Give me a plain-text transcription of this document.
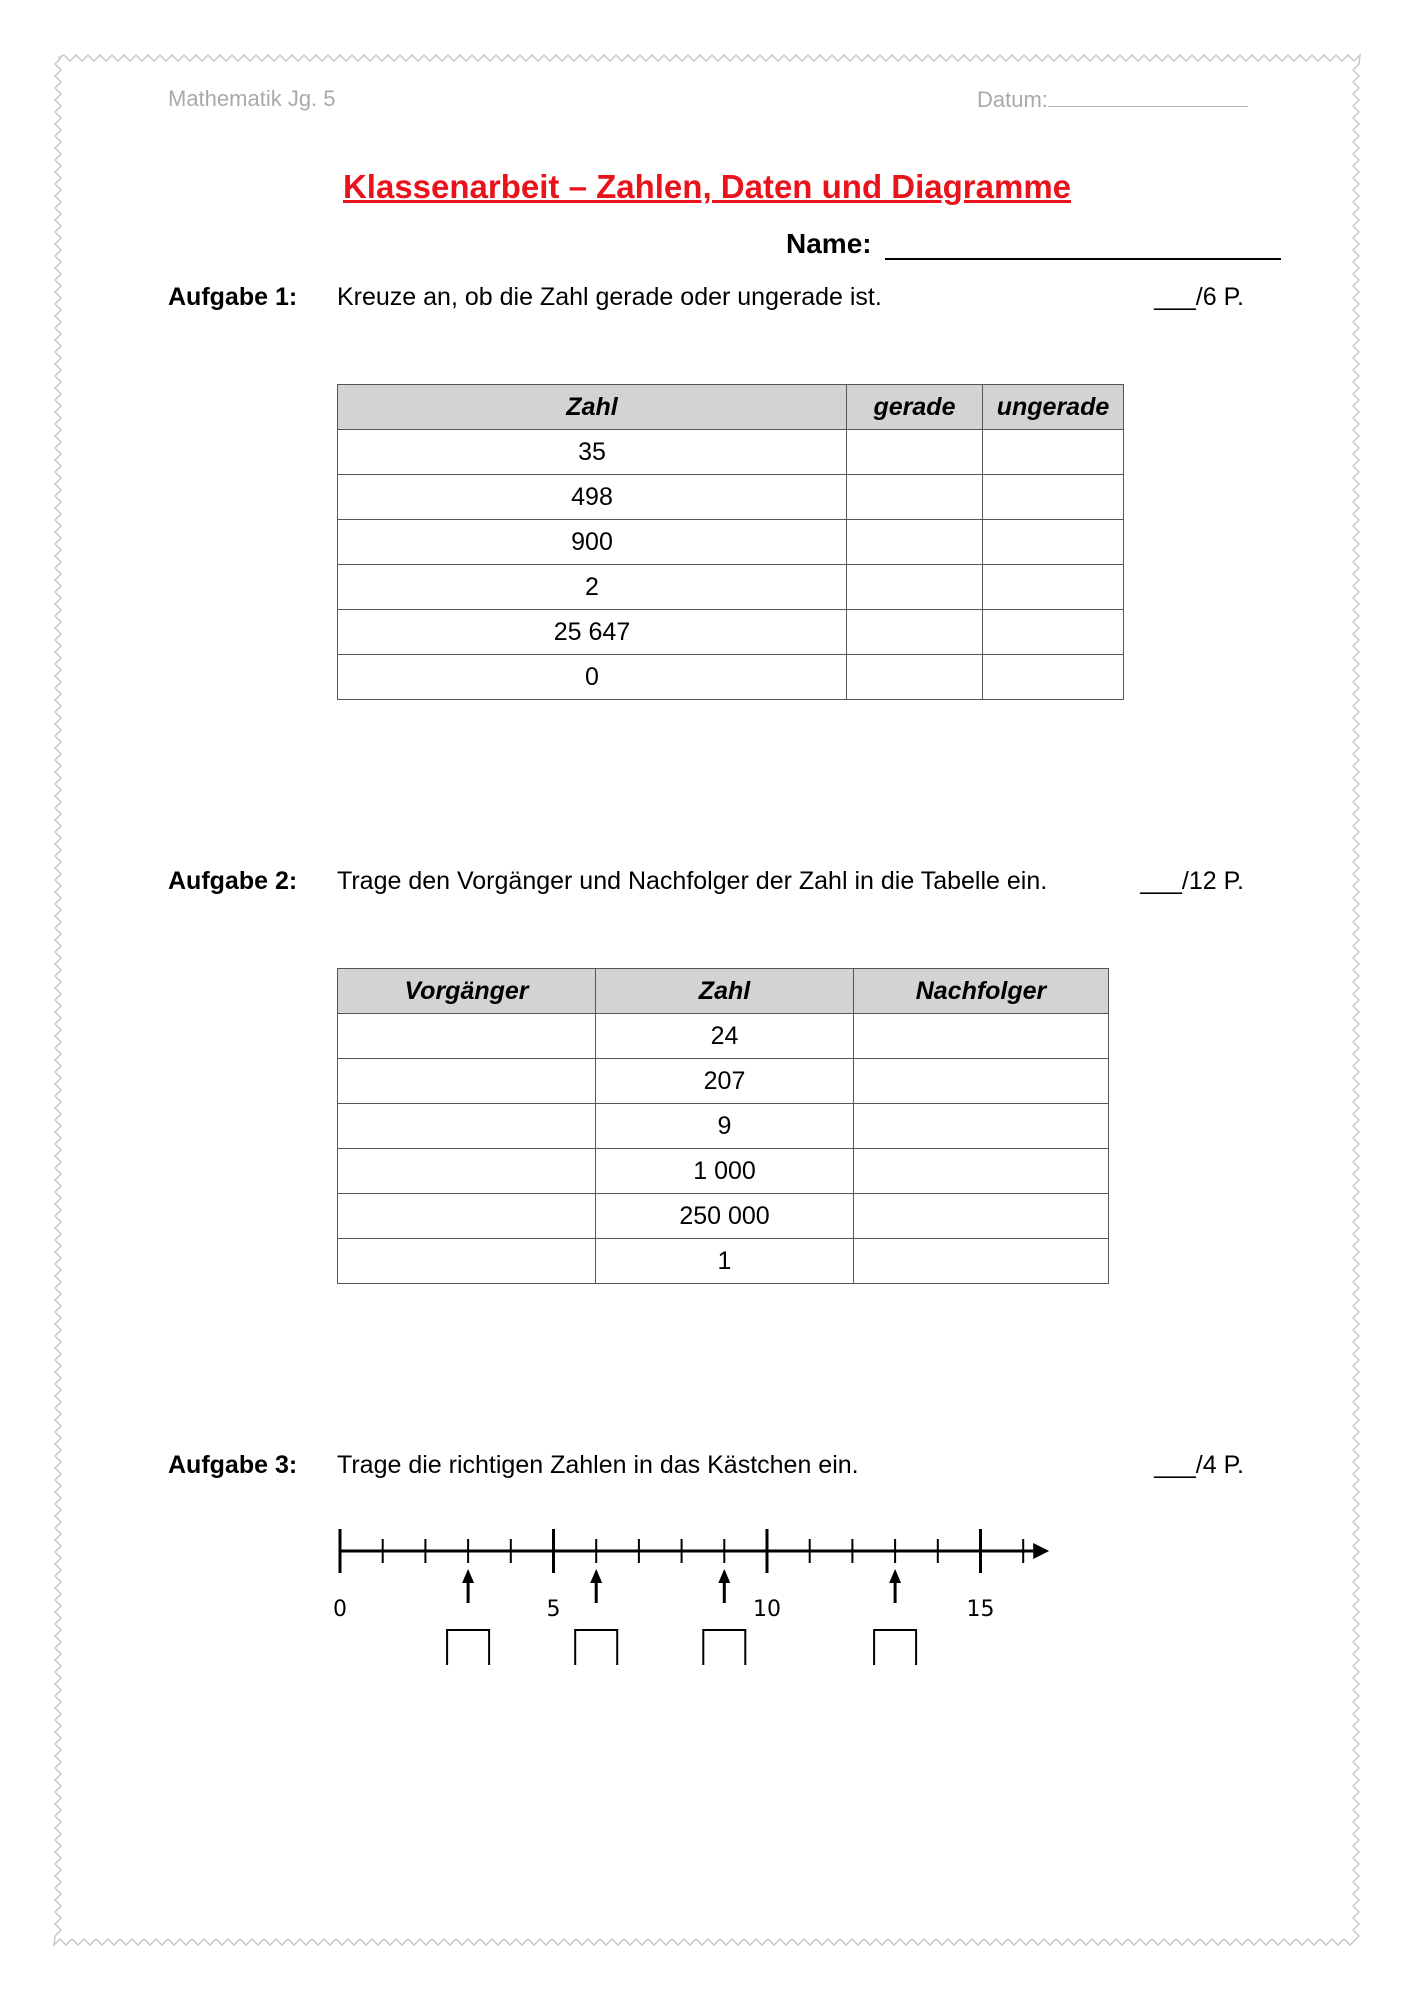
Mathematik Jg. 5	Datum:
Klassenarbeit – Zahlen, Daten und Diagramme
Name:
Aufgabe 1: Kreuze an, ob die Zahl gerade oder ungerade ist.	___/6 P.
Zahl	gerade	ungerade
35		
498		
900		
2		
25 647		
0		
Aufgabe 2: Trage den Vorgänger und Nachfolger der Zahl in die Tabelle ein.	___/12 P.
Vorgänger	Zahl	Nachfolger
	24	
	207	
	9	
	1 000	
	250 000	
	1	
Aufgabe 3: Trage die richtigen Zahlen in das Kästchen ein.	___/4 P.
0	5	10	15
